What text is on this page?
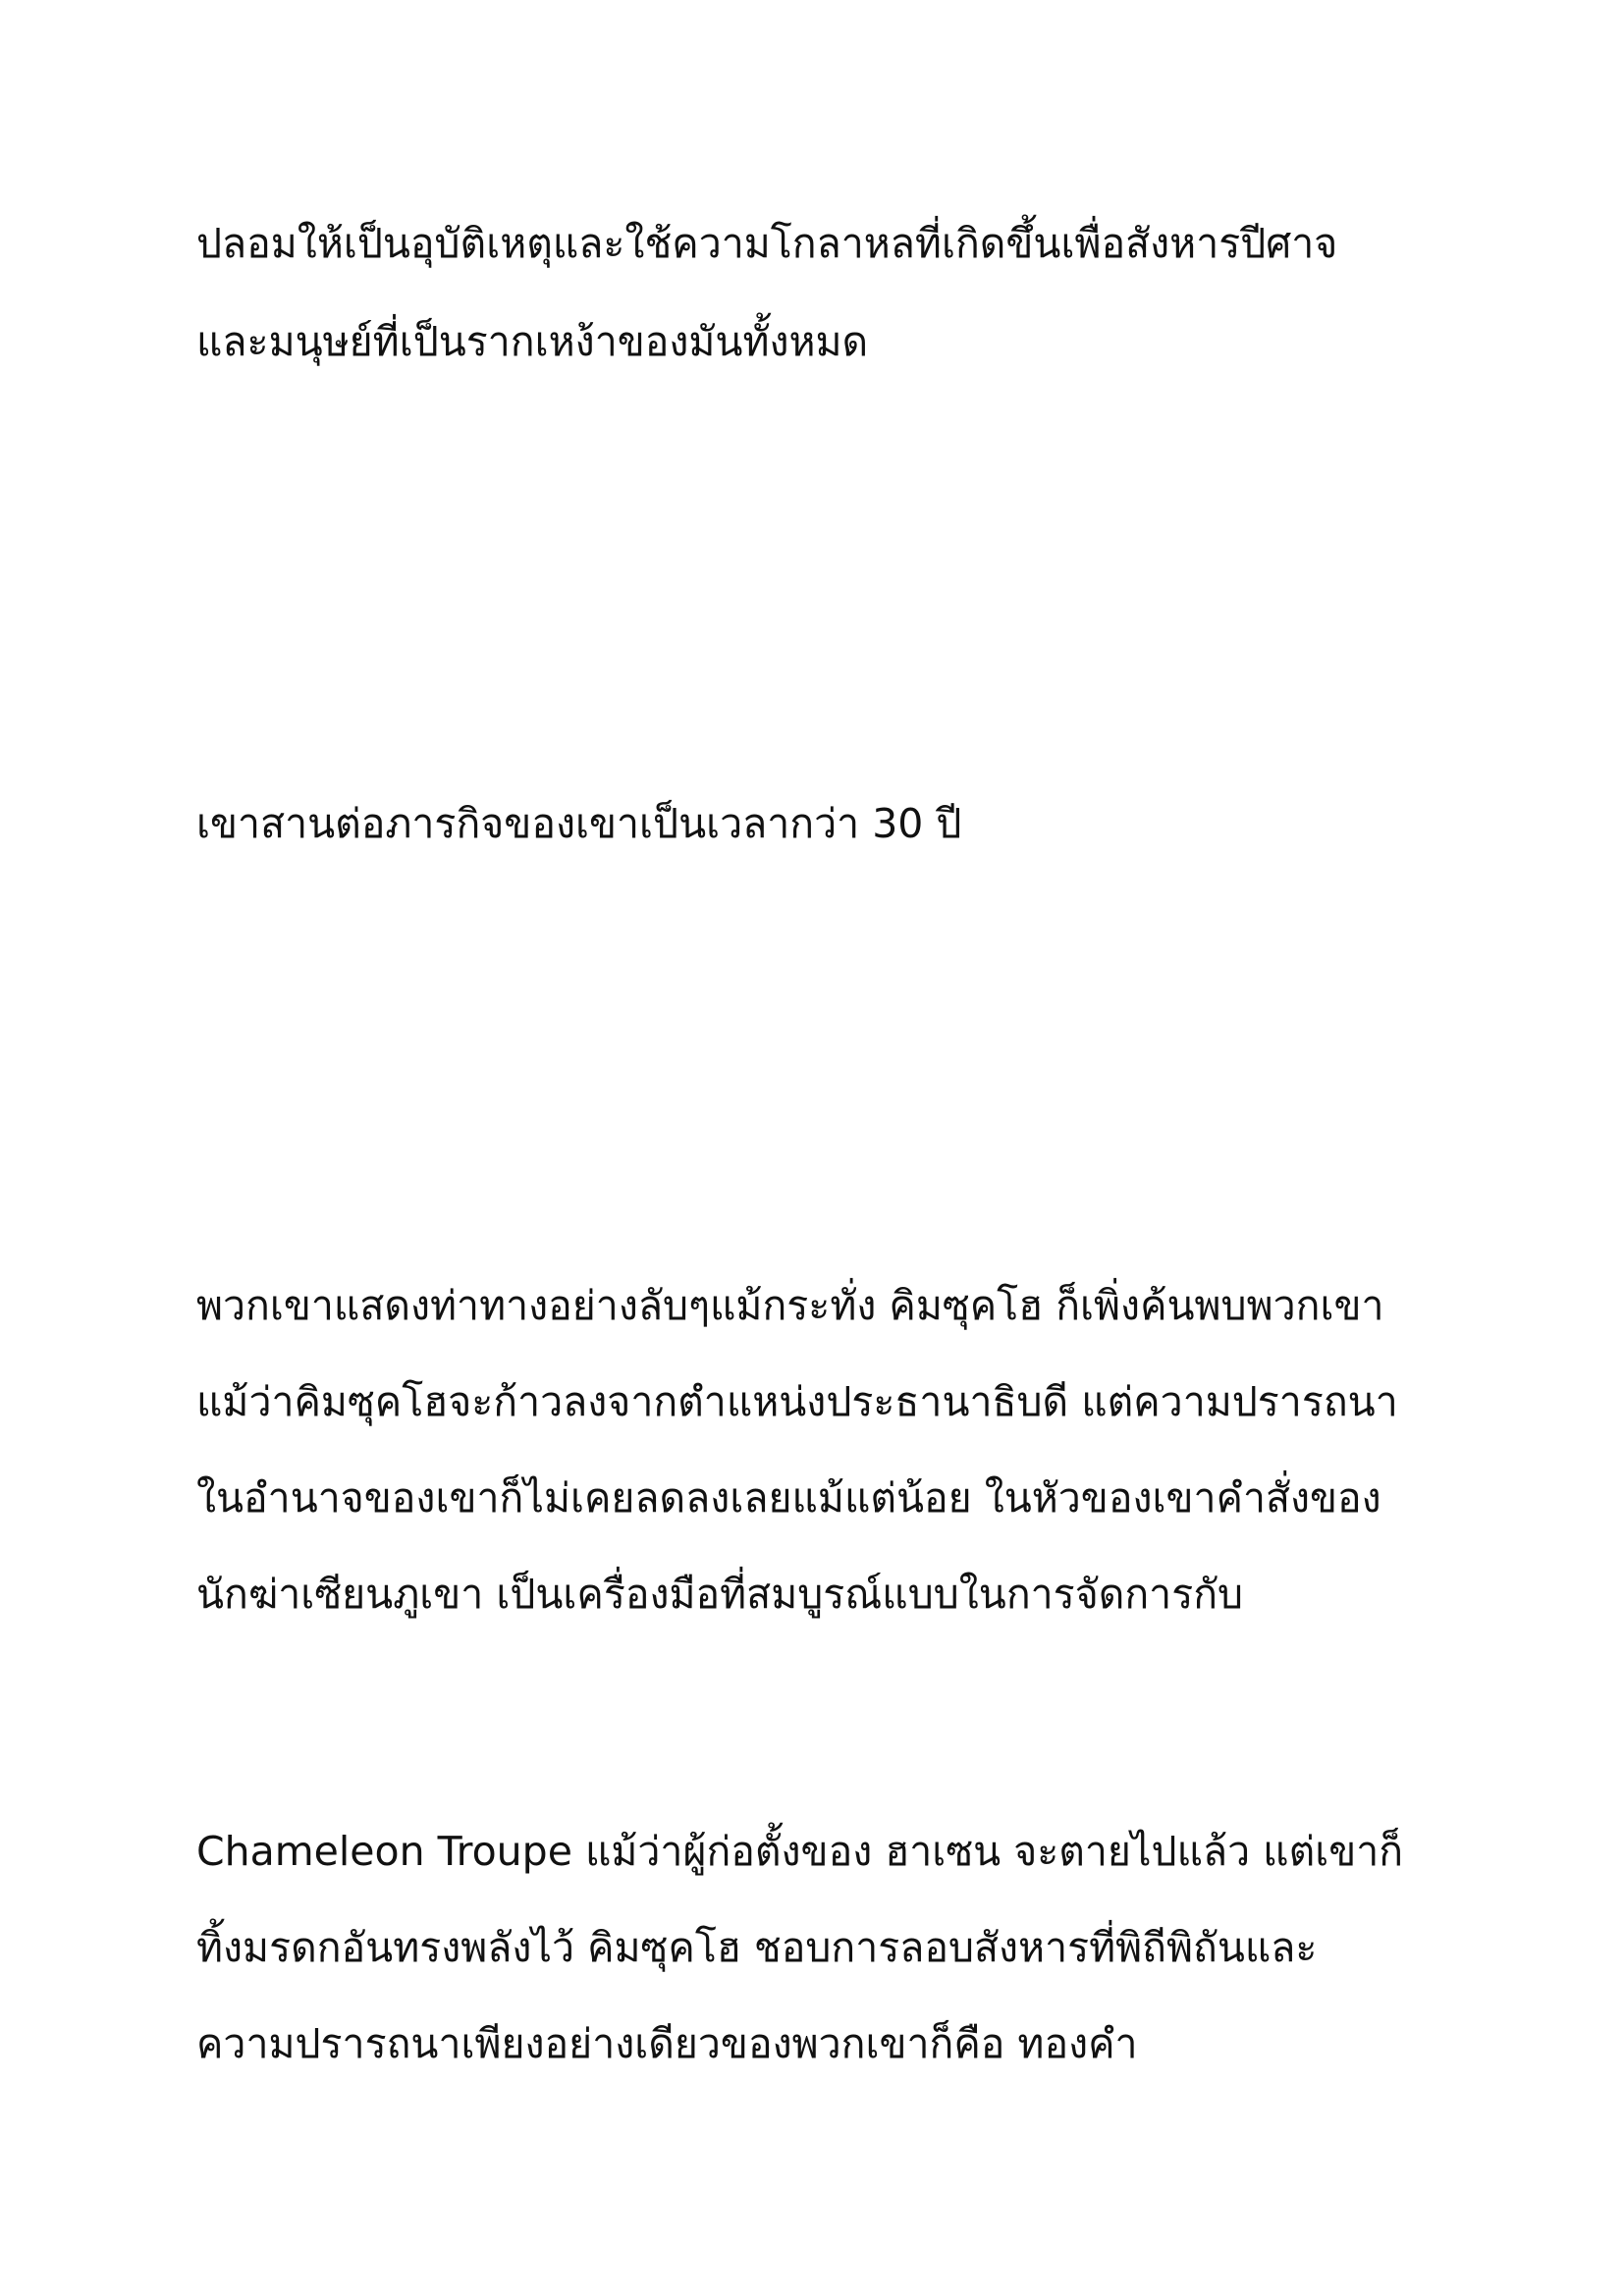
ปลอมให้เป็นอุบัติเหตุและใช้ความโกลาหลที่เกิดขึ้นเพื่อสังหารปีศาจ
และมนุษย์ที่เป็นรากเหง้าของมันทั้งหมด
เขาสานต่อภารกิจของเขาเป็นเวลากว่า 30 ปี
พวกเขาแสดงท่าทางอย่างลับๆแม้กระทั่ง คิมซุคโฮ ก็เพิ่งค้นพบพวกเขา
แม้ว่าคิมซุคโฮจะก้าวลงจากตำแหน่งประธานาธิบดี แต่ความปรารถนา
ในอำนาจของเขาก็ไม่เคยลดลงเลยแม้แต่น้อย ในหัวของเขาคำสั่งของ
นักฆ่าเซียนภูเขา เป็นเครื่องมือที่สมบูรณ์แบบในการจัดการกับ
Chameleon Troupe แม้ว่าผู้ก่อตั้งของ ฮาเซน จะตายไปแล้ว แต่เขาก็
ทิ้งมรดกอันทรงพลังไว้ คิมซุคโฮ ชอบการลอบสังหารที่พิถีพิถันและ
ความปรารถนาเพียงอย่างเดียวของพวกเขาก็คือ ทองคำ
